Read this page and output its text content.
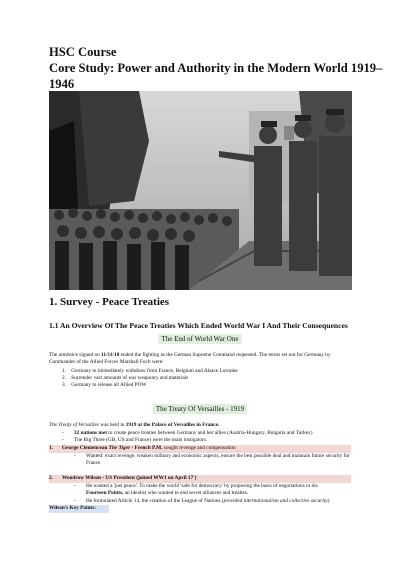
HSC Course
Core Study: Power and Authority in the Modern World 1919–1946
1. Survey - Peace Treaties
1.1 An Overview Of The Peace Treaties Which Ended World War I And Their Consequences
The End of World War One
The armistice signed on 11/11/18 ended the fighting as the German Supreme Command requested. The terms set out for Germany by Commander of the Allied Forces Marshall Foch were:
1. Germany to immediately withdraw from France, Belgium and Alsace Lorraine
2. Surrender vast amounts of war weaponry and materials
3. Germany to release all Allied POW
The Treaty Of Versailles - 1919
The Treaty of Versailles was held in 1919 at the Palace of Versailles in France.
- 32 nations met to create peace treaties between Germany and her allies (Austria-Hungary, Bulgaria and Turkey)
- The Big Three (GB, US and France) were the main instigators.
1. George Clemenceau The Tiger - French P.M. sought revenge and compensation
- Wanted: exact revenge, weaken military and economic aspects, ensure the best possible deal and maintain future security for France
2. Woodrow Wilson - US President (joined WW1 on April 17')
- He wanted a 'just peace'. To make the world 'safe for democracy' by proposing the basis of negotiations in his
Fourteen Points, an idealist who wanted to end secret alliances and treaties.
- He formulated Article 14, the creation of the League of Nations (provided internationalism and collective security)
Wilson's Key Points:
